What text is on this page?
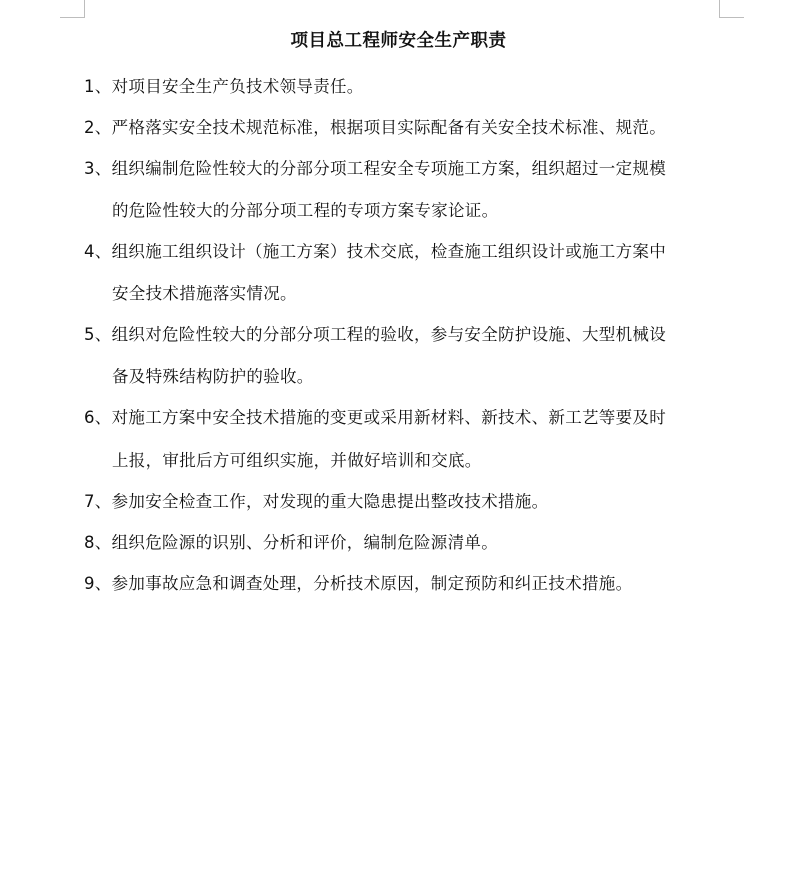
项目总工程师安全生产职责
1、对项目安全生产负技术领导责任。
2、严格落实安全技术规范标准，根据项目实际配备有关安全技术标准、规范。
3、组织编制危险性较大的分部分项工程安全专项施工方案，组织超过一定规模
的危险性较大的分部分项工程的专项方案专家论证。
4、组织施工组织设计（施工方案）技术交底，检查施工组织设计或施工方案中
安全技术措施落实情况。
5、组织对危险性较大的分部分项工程的验收，参与安全防护设施、大型机械设
备及特殊结构防护的验收。
6、对施工方案中安全技术措施的变更或采用新材料、新技术、新工艺等要及时
上报，审批后方可组织实施，并做好培训和交底。
7、参加安全检查工作，对发现的重大隐患提出整改技术措施。
8、组织危险源的识别、分析和评价，编制危险源清单。
9、参加事故应急和调查处理，分析技术原因，制定预防和纠正技术措施。
